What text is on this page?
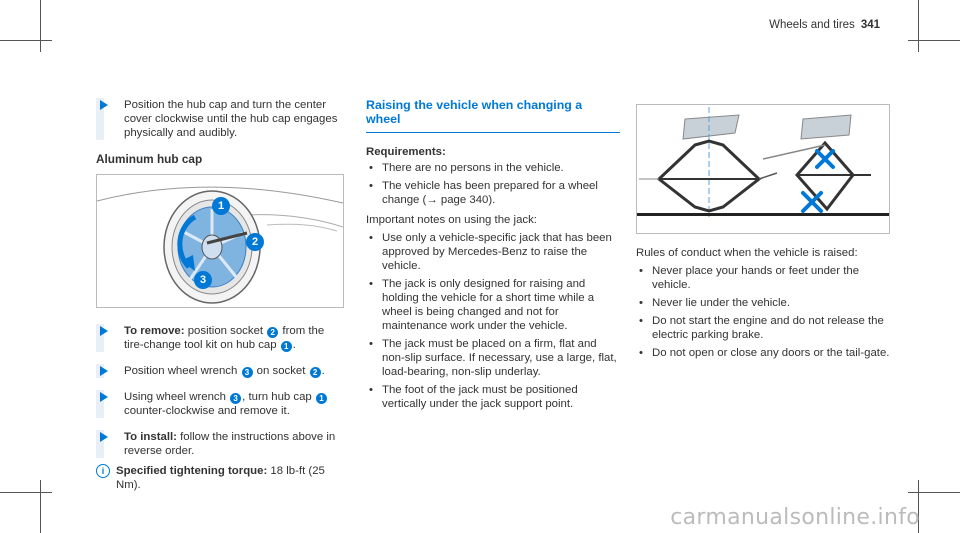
Wheels and tires 341
Position the hub cap and turn the center cover clockwise until the hub cap engages physically and audibly.
Aluminum hub cap
1
2
3
To remove: position socket 2 from the tire-change tool kit on hub cap 1 .
Position wheel wrench 3 on socket 2 .
Using wheel wrench 3 , turn hub cap 1 counter-clockwise and remove it.
To install: follow the instructions above in reverse order.
i	Specified tightening torque: 18 lb-ft (25 Nm).
Raising the vehicle when changing a wheel
Requirements:
• There are no persons in the vehicle.
• The vehicle has been prepared for a wheel change (→ page 340).
Important notes on using the jack:
• Use only a vehicle-specific jack that has been approved by Mercedes-Benz to raise the vehicle.
• The jack is only designed for raising and holding the vehicle for a short time while a wheel is being changed and not for maintenance work under the vehicle.
• The jack must be placed on a firm, flat and non-slip surface. If necessary, use a large, flat, load-bearing, non-slip underlay.
• The foot of the jack must be positioned vertically under the jack support point.
Rules of conduct when the vehicle is raised:
• Never place your hands or feet under the vehicle.
• Never lie under the vehicle.
• Do not start the engine and do not release the electric parking brake.
• Do not open or close any doors or the tail-gate.
carmanualsonline.info
